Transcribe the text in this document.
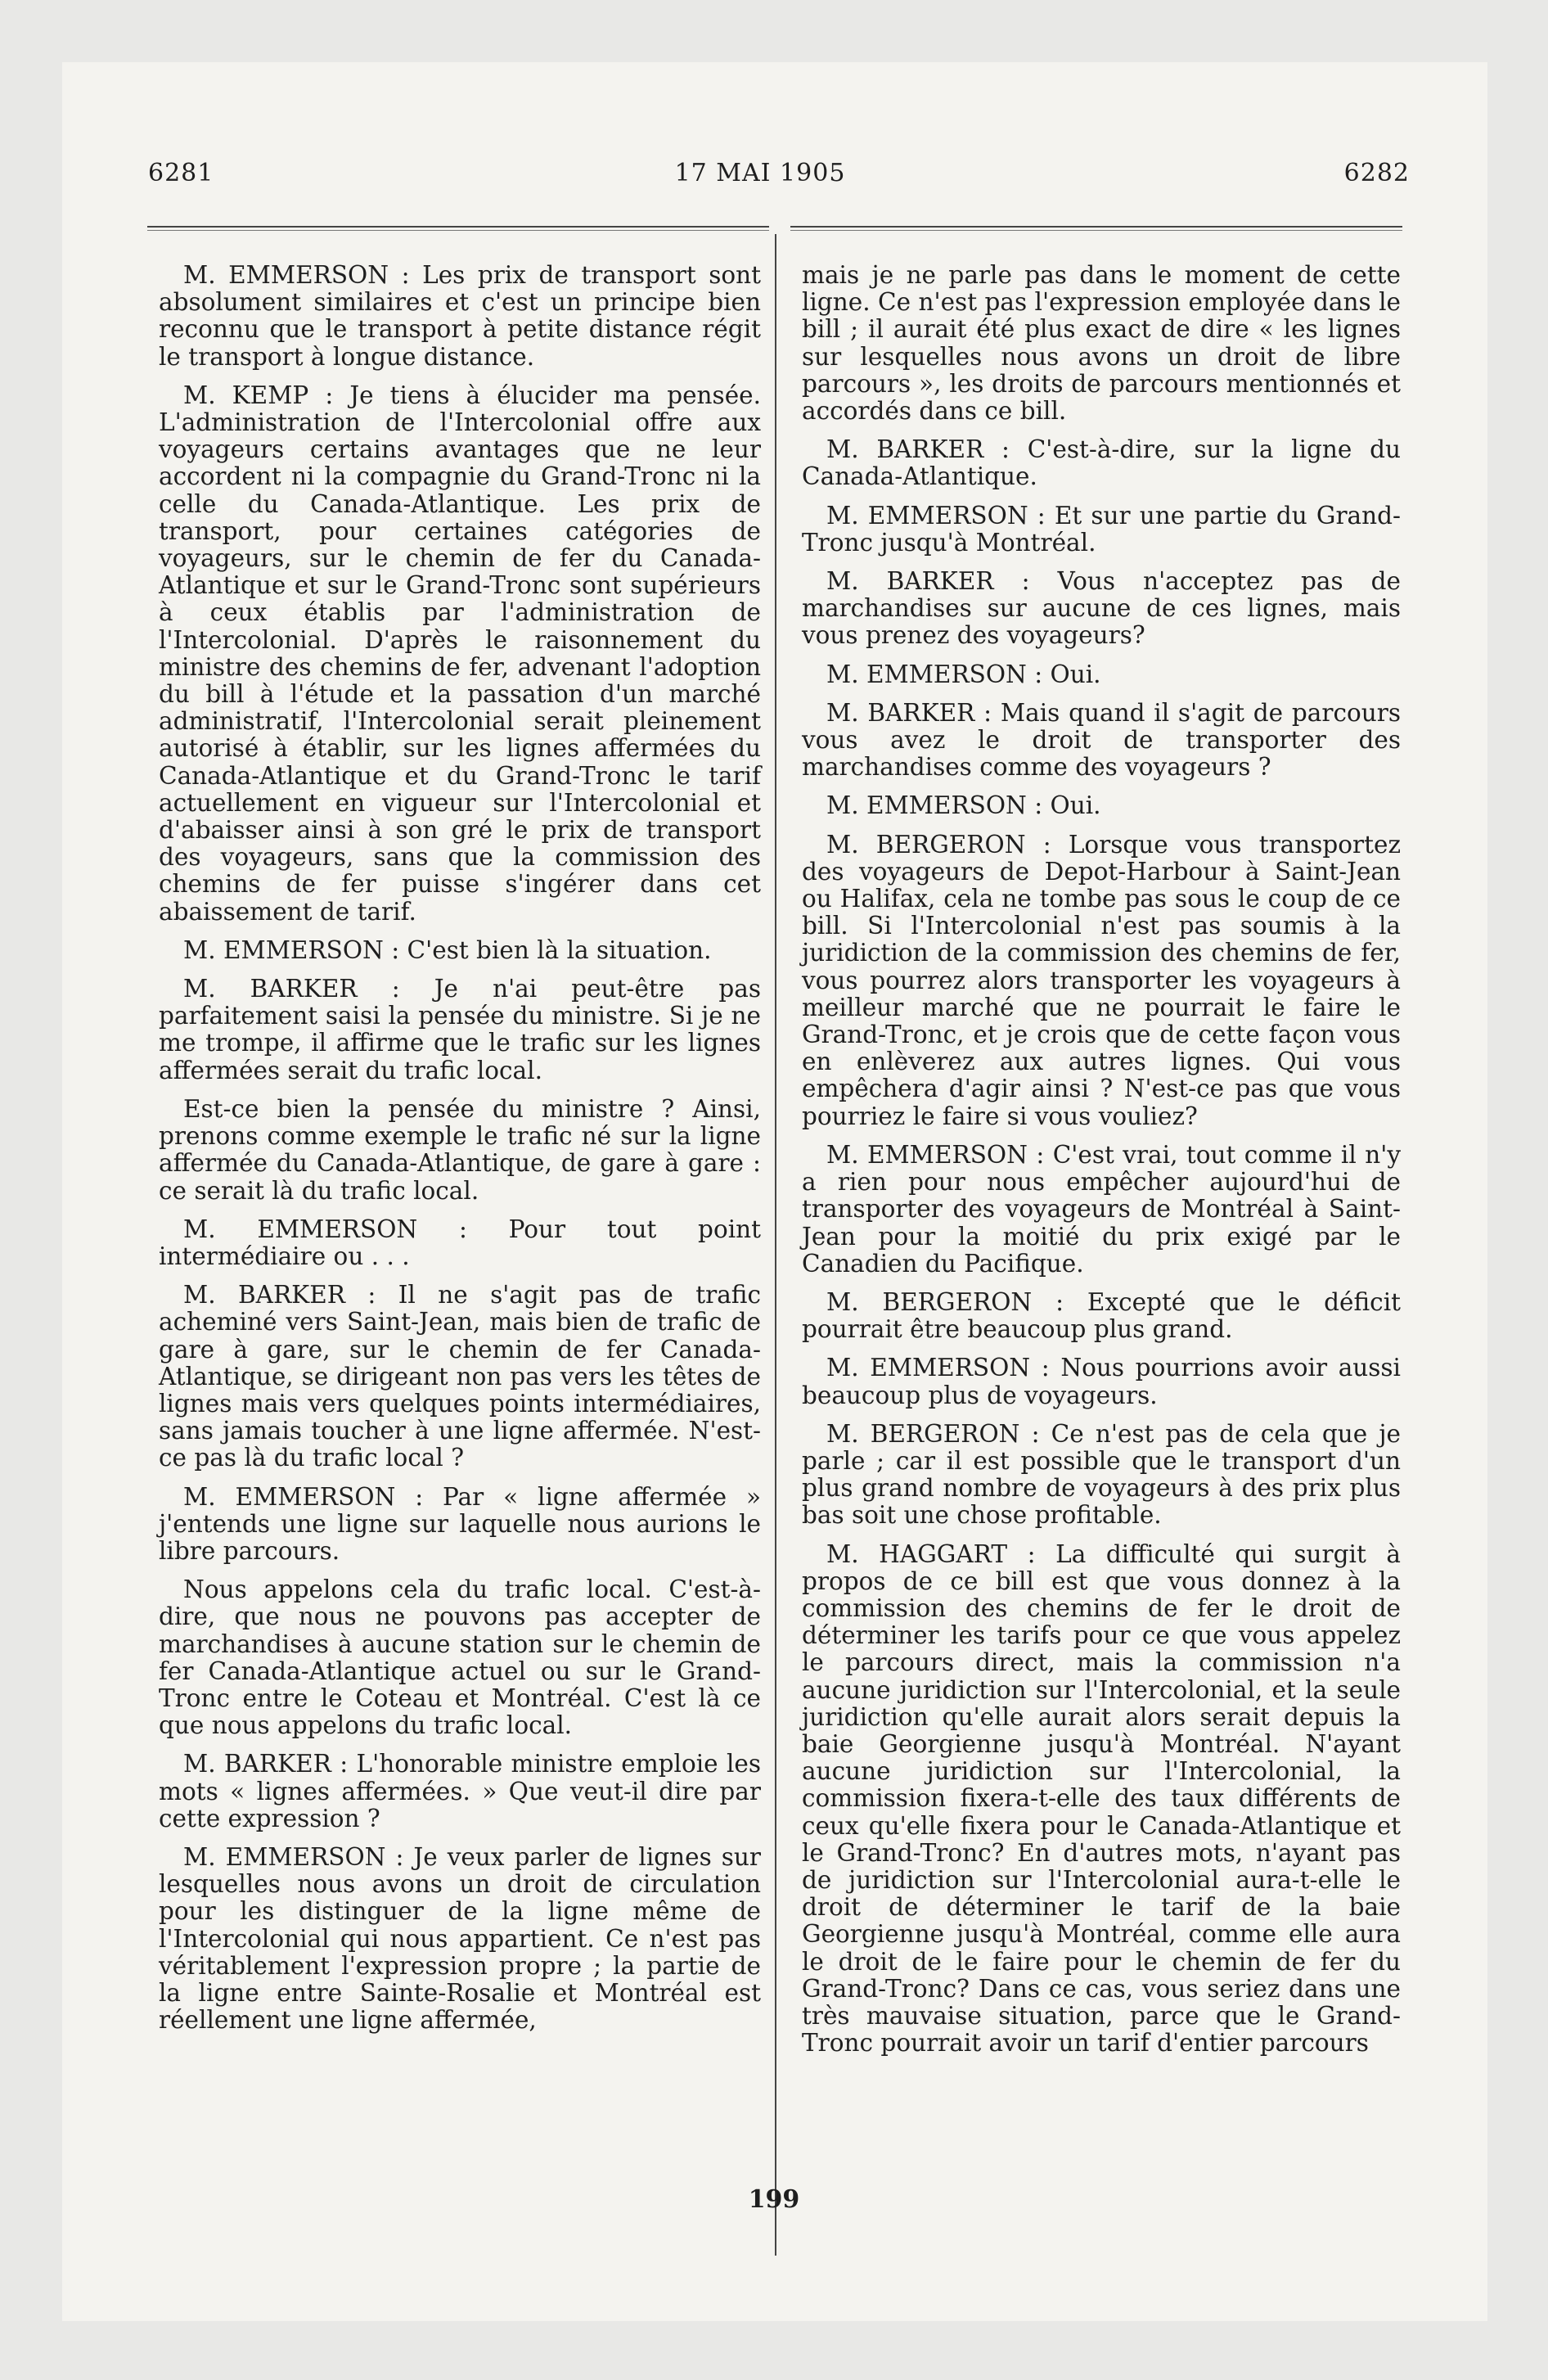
6281	17 MAI 1905	6282

M. EMMERSON : Les prix de transport sont absolument similaires et c'est un principe bien reconnu que le transport à petite distance régit le transport à longue distance.

M. KEMP : Je tiens à élucider ma pensée. L'administration de l'Intercolonial offre aux voyageurs certains avantages que ne leur accordent ni la compagnie du Grand-Tronc ni la celle du Canada-Atlantique. Les prix de transport, pour certaines catégories de voyageurs, sur le chemin de fer du Canada-Atlantique et sur le Grand-Tronc sont supérieurs à ceux établis par l'administration de l'Intercolonial. D'après le raisonnement du ministre des chemins de fer, advenant l'adoption du bill à l'étude et la passation d'un marché administratif, l'Intercolonial serait pleinement autorisé à établir, sur les lignes affermées du Canada-Atlantique et du Grand-Tronc le tarif actuellement en vigueur sur l'Intercolonial et d'abaisser ainsi à son gré le prix de transport des voyageurs, sans que la commission des chemins de fer puisse s'ingérer dans cet abaissement de tarif.

M. EMMERSON : C'est bien là la situation.

M. BARKER : Je n'ai peut-être pas parfaitement saisi la pensée du ministre. Si je ne me trompe, il affirme que le trafic sur les lignes affermées serait du trafic local.

Est-ce bien la pensée du ministre ? Ainsi, prenons comme exemple le trafic né sur la ligne affermée du Canada-Atlantique, de gare à gare : ce serait là du trafic local.

M. EMMERSON : Pour tout point intermédiaire ou . . .

M. BARKER : Il ne s'agit pas de trafic acheminé vers Saint-Jean, mais bien de trafic de gare à gare, sur le chemin de fer Canada-Atlantique, se dirigeant non pas vers les têtes de lignes mais vers quelques points intermédiaires, sans jamais toucher à une ligne affermée. N'est-ce pas là du trafic local ?

M. EMMERSON : Par « ligne affermée » j'entends une ligne sur laquelle nous aurions le libre parcours.

Nous appelons cela du trafic local. C'est-à-dire, que nous ne pouvons pas accepter de marchandises à aucune station sur le chemin de fer Canada-Atlantique actuel ou sur le Grand-Tronc entre le Coteau et Montréal. C'est là ce que nous appelons du trafic local.

M. BARKER : L'honorable ministre emploie les mots « lignes affermées. » Que veut-il dire par cette expression ?

M. EMMERSON : Je veux parler de lignes sur lesquelles nous avons un droit de circulation pour les distinguer de la ligne même de l'Intercolonial qui nous appartient. Ce n'est pas véritablement l'expression propre ; la partie de la ligne entre Sainte-Rosalie et Montréal est réellement une ligne affermée,

mais je ne parle pas dans le moment de cette ligne. Ce n'est pas l'expression employée dans le bill ; il aurait été plus exact de dire « les lignes sur lesquelles nous avons un droit de libre parcours », les droits de parcours mentionnés et accordés dans ce bill.

M. BARKER : C'est-à-dire, sur la ligne du Canada-Atlantique.

M. EMMERSON : Et sur une partie du Grand-Tronc jusqu'à Montréal.

M. BARKER : Vous n'acceptez pas de marchandises sur aucune de ces lignes, mais vous prenez des voyageurs?

M. EMMERSON : Oui.

M. BARKER : Mais quand il s'agit de parcours vous avez le droit de transporter des marchandises comme des voyageurs ?

M. EMMERSON : Oui.

M. BERGERON : Lorsque vous transportez des voyageurs de Depot-Harbour à Saint-Jean ou Halifax, cela ne tombe pas sous le coup de ce bill. Si l'Intercolonial n'est pas soumis à la juridiction de la commission des chemins de fer, vous pourrez alors transporter les voyageurs à meilleur marché que ne pourrait le faire le Grand-Tronc, et je crois que de cette façon vous en enlèverez aux autres lignes. Qui vous empêchera d'agir ainsi ? N'est-ce pas que vous pourriez le faire si vous vouliez?

M. EMMERSON : C'est vrai, tout comme il n'y a rien pour nous empêcher aujourd'hui de transporter des voyageurs de Montréal à Saint-Jean pour la moitié du prix exigé par le Canadien du Pacifique.

M. BERGERON : Excepté que le déficit pourrait être beaucoup plus grand.

M. EMMERSON : Nous pourrions avoir aussi beaucoup plus de voyageurs.

M. BERGERON : Ce n'est pas de cela que je parle ; car il est possible que le transport d'un plus grand nombre de voyageurs à des prix plus bas soit une chose profitable.

M. HAGGART : La difficulté qui surgit à propos de ce bill est que vous donnez à la commission des chemins de fer le droit de déterminer les tarifs pour ce que vous appelez le parcours direct, mais la commission n'a aucune juridiction sur l'Intercolonial, et la seule juridiction qu'elle aurait alors serait depuis la baie Georgienne jusqu'à Montréal. N'ayant aucune juridiction sur l'Intercolonial, la commission fixera-t-elle des taux différents de ceux qu'elle fixera pour le Canada-Atlantique et le Grand-Tronc? En d'autres mots, n'ayant pas de juridiction sur l'Intercolonial aura-t-elle le droit de déterminer le tarif de la baie Georgienne jusqu'à Montréal, comme elle aura le droit de le faire pour le chemin de fer du Grand-Tronc? Dans ce cas, vous seriez dans une très mauvaise situation, parce que le Grand-Tronc pourrait avoir un tarif d'entier parcours

199
